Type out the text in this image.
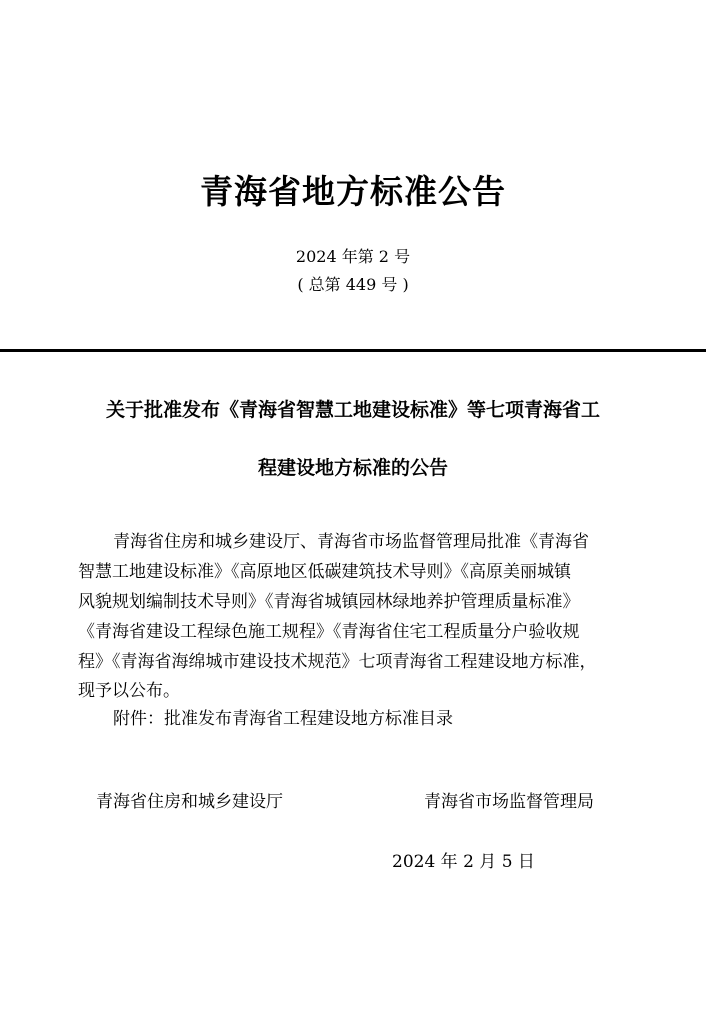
青海省地方标准公告
2024 年第 2 号
( 总第 449 号 )
关于批准发布《青海省智慧工地建设标准》等七项青海省工
程建设地方标准的公告
青海省住房和城乡建设厅、青海省市场监督管理局批准《青海省
智慧工地建设标准》《高原地区低碳建筑技术导则》《高原美丽城镇
风貌规划编制技术导则》《青海省城镇园林绿地养护管理质量标准》
《青海省建设工程绿色施工规程》《青海省住宅工程质量分户验收规
程》《青海省海绵城市建设技术规范》七项青海省工程建设地方标准，
现予以公布。
附件：批准发布青海省工程建设地方标准目录
青海省住房和城乡建设厅	青海省市场监督管理局
2024 年 2 月 5 日
